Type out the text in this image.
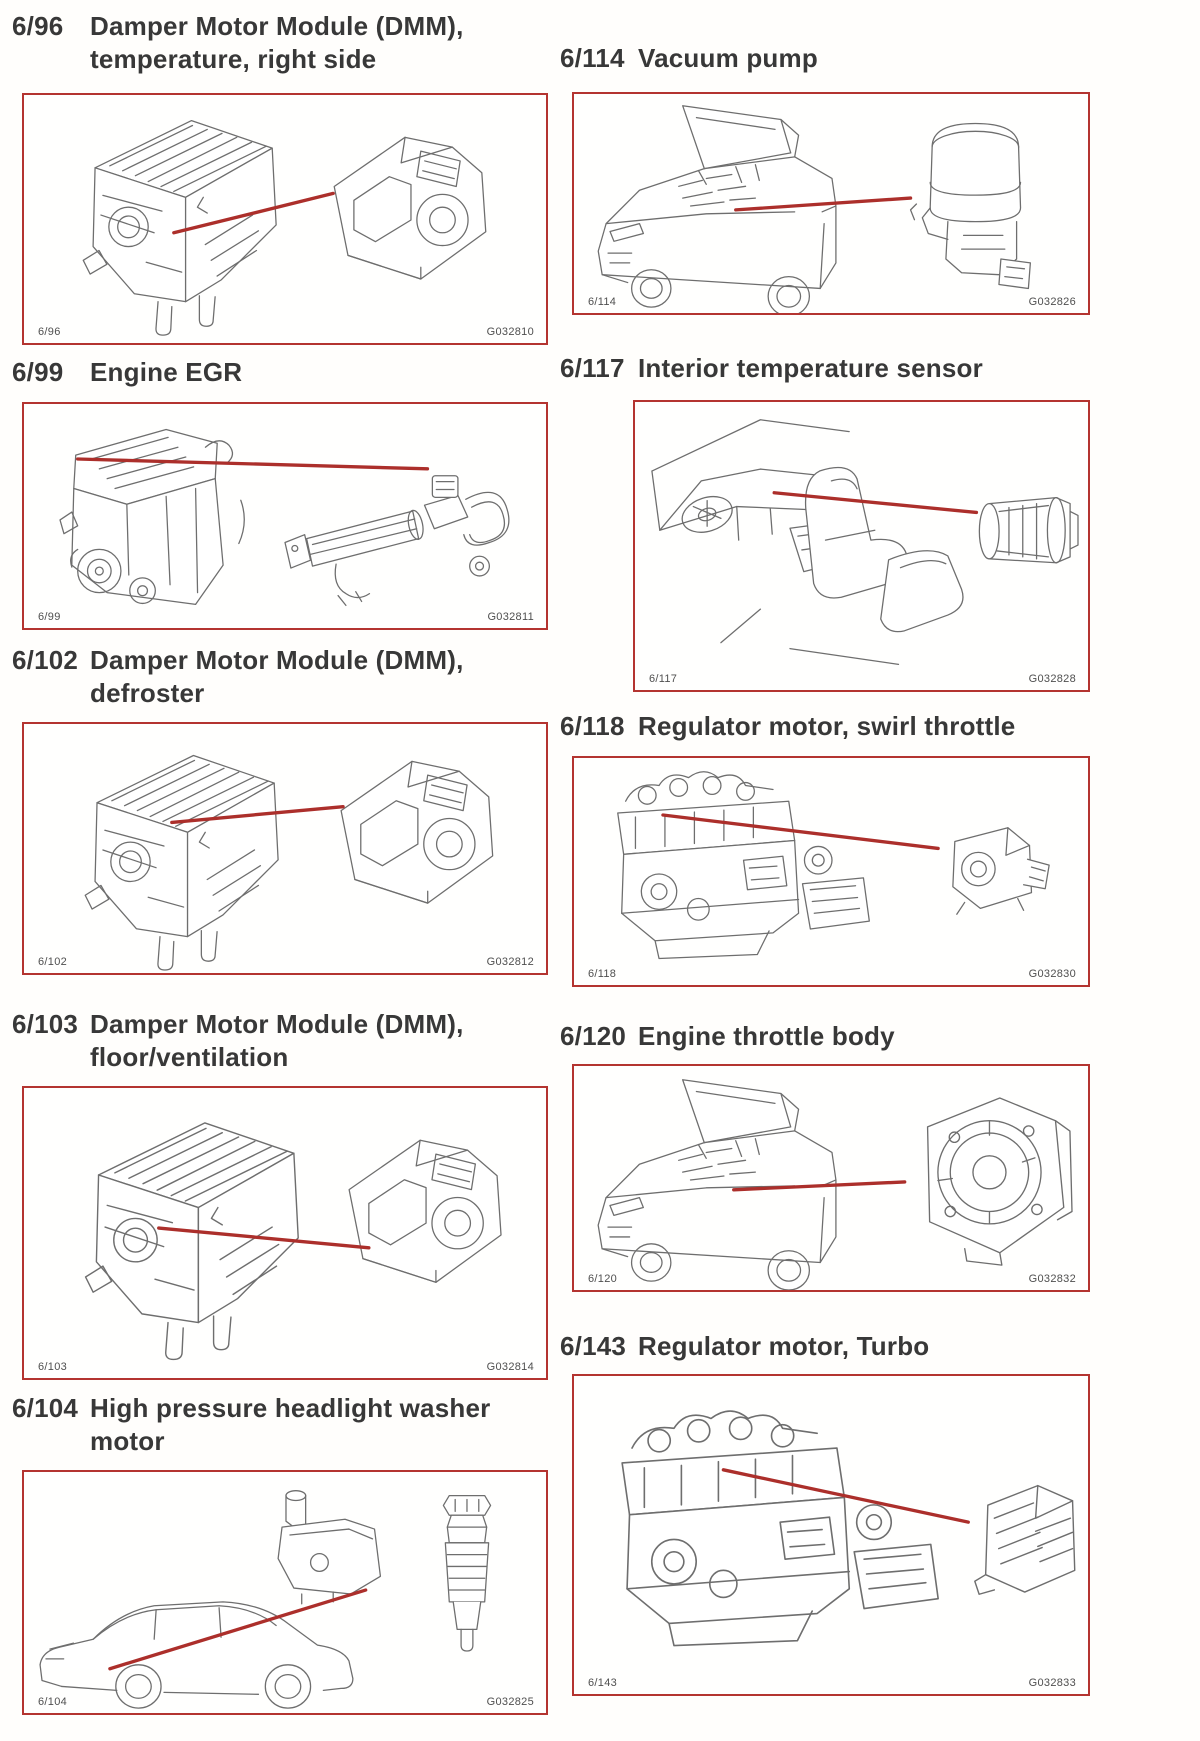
6/96	Damper Motor Module (DMM),
temperature, right side
6/96	G032810
6/99	Engine EGR
6/99	G032811
6/102 Damper Motor Module (DMM),
defroster
6/102	G032812
6/103 Damper Motor Module (DMM),
floor/ventilation
6/103	G032814
6/104 High pressure headlight washer
motor
6/104	G032825
6/114 Vacuum pump
6/114	G032826
6/117 Interior temperature sensor
6/117	G032828
6/118 Regulator motor, swirl throttle
6/118	G032830
6/120 Engine throttle body
6/120	G032832
6/143 Regulator motor, Turbo
6/143	G032833
